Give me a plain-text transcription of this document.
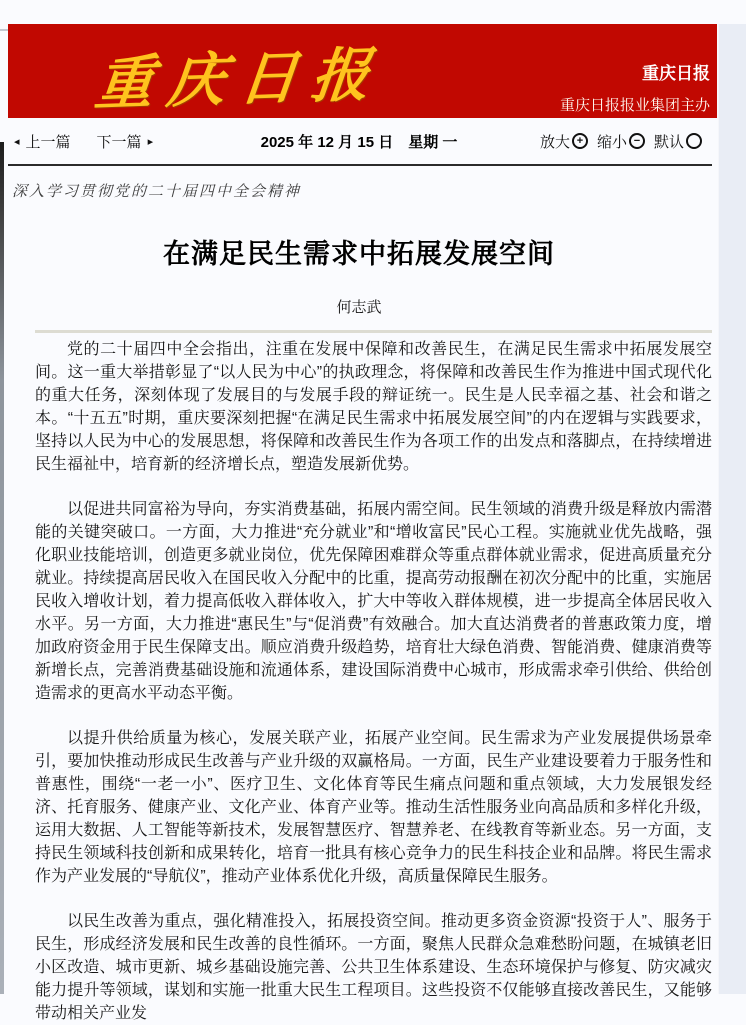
重庆日报	重庆日报
重庆日报报业集团主办
◂ 上一篇 下一篇 ▸	2025 年 12 月 15 日　星期 一	放大 + 缩小 − 默认
深入学习贯彻党的二十届四中全会精神
在满足民生需求中拓展发展空间
何志武

党的二十届四中全会指出，注重在发展中保障和改善民生，在满足民生需求中拓展发展空间。这一重大举措彰显了“以人民为中心”的执政理念，将保障和改善民生作为推进中国式现代化的重大任务，深刻体现了发展目的与发展手段的辩证统一。民生是人民幸福之基、社会和谐之本。“十五五”时期，重庆要深刻把握“在满足民生需求中拓展发展空间”的内在逻辑与实践要求，坚持以人民为中心的发展思想，将保障和改善民生作为各项工作的出发点和落脚点，在持续增进民生福祉中，培育新的经济增长点，塑造发展新优势。

以促进共同富裕为导向，夯实消费基础，拓展内需空间。民生领域的消费升级是释放内需潜能的关键突破口。一方面，大力推进“充分就业”和“增收富民”民心工程。实施就业优先战略，强化职业技能培训，创造更多就业岗位，优先保障困难群众等重点群体就业需求，促进高质量充分就业。持续提高居民收入在国民收入分配中的比重，提高劳动报酬在初次分配中的比重，实施居民收入增收计划，着力提高低收入群体收入，扩大中等收入群体规模，进一步提高全体居民收入水平。另一方面，大力推进“惠民生”与“促消费”有效融合。加大直达消费者的普惠政策力度，增加政府资金用于民生保障支出。顺应消费升级趋势，培育壮大绿色消费、智能消费、健康消费等新增长点，完善消费基础设施和流通体系，建设国际消费中心城市，形成需求牵引供给、供给创造需求的更高水平动态平衡。

以提升供给质量为核心，发展关联产业，拓展产业空间。民生需求为产业发展提供场景牵引，要加快推动形成民生改善与产业升级的双赢格局。一方面，民生产业建设要着力于服务性和普惠性，围绕“一老一小”、医疗卫生、文化体育等民生痛点问题和重点领域，大力发展银发经济、托育服务、健康产业、文化产业、体育产业等。推动生活性服务业向高品质和多样化升级，运用大数据、人工智能等新技术，发展智慧医疗、智慧养老、在线教育等新业态。另一方面，支持民生领域科技创新和成果转化，培育一批具有核心竞争力的民生科技企业和品牌。将民生需求作为产业发展的“导航仪”，推动产业体系优化升级，高质量保障民生服务。

以民生改善为重点，强化精准投入，拓展投资空间。推动更多资金资源“投资于人”、服务于民生，形成经济发展和民生改善的良性循环。一方面，聚焦人民群众急难愁盼问题，在城镇老旧小区改造、城市更新、城乡基础设施完善、公共卫生体系建设、生态环境保护与修复、防灾减灾能力提升等领域，谋划和实施一批重大民生工程项目。这些投资不仅能够直接改善民生，又能够带动相关产业发
